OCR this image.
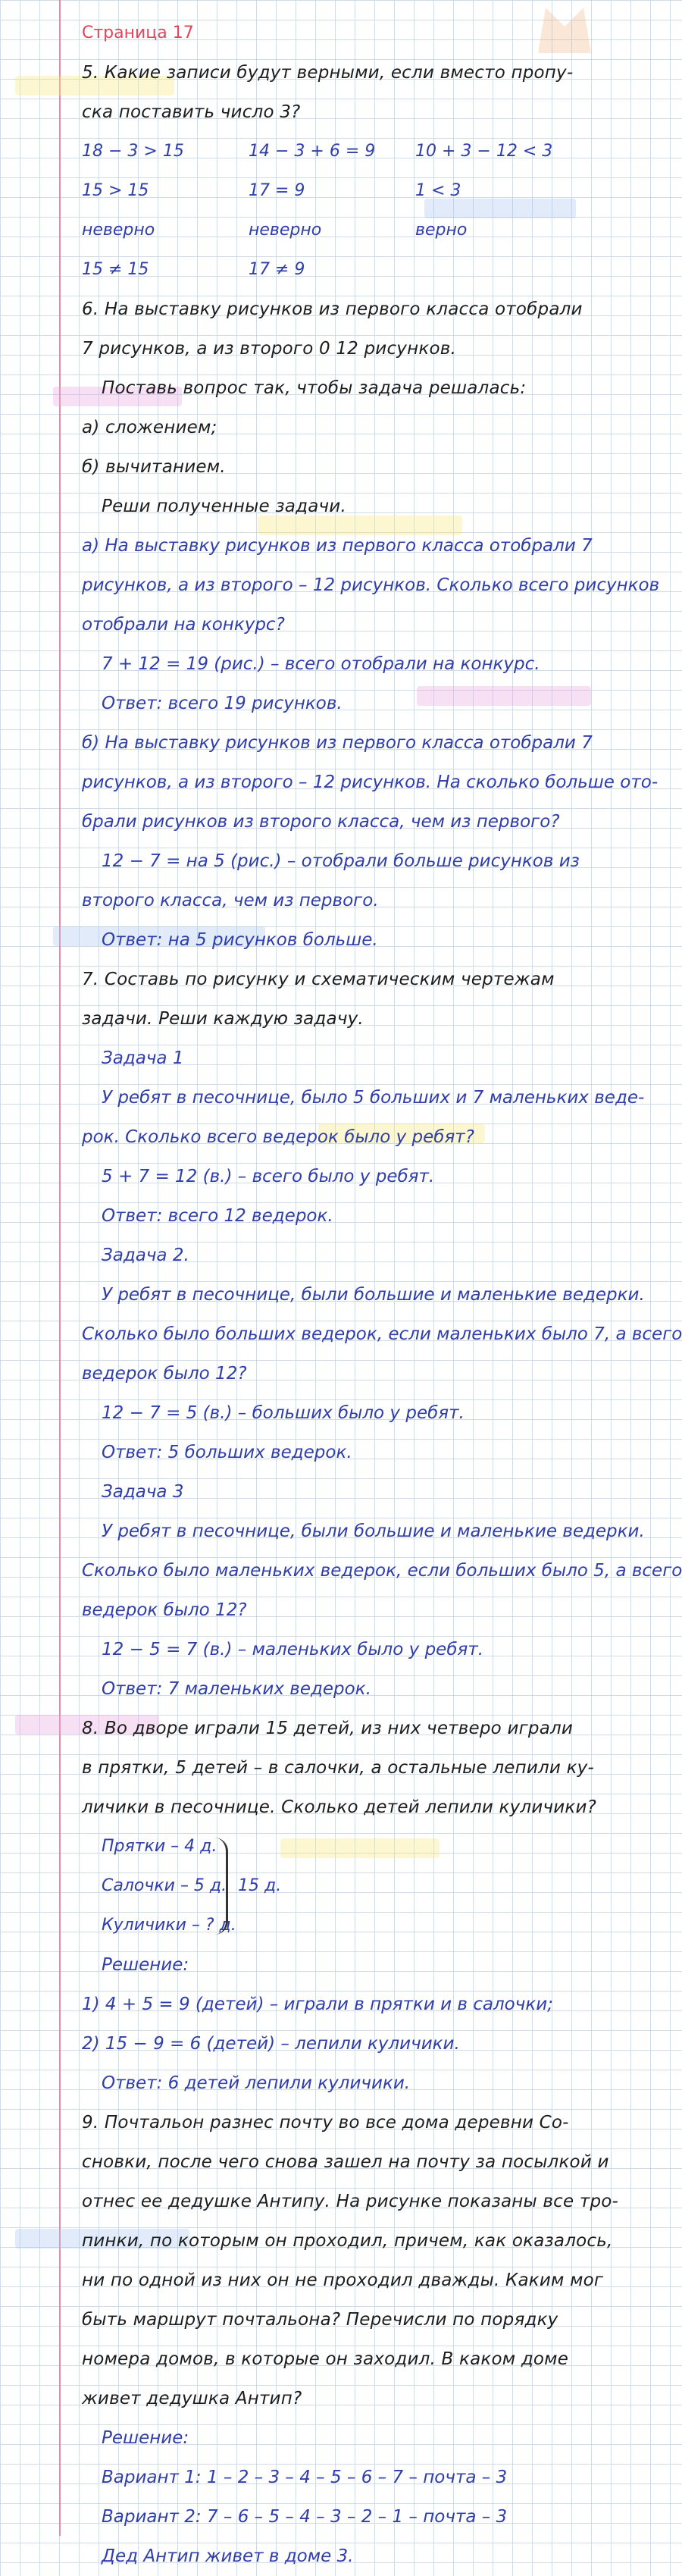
Страница 17
5. Какие записи будут верными, если вместо пропу-
ска поставить число 3?
18 − 3 > 15	14 − 3 + 6 = 9	10 + 3 − 12 < 3
15 > 15	17 = 9	1 < 3
неверно	неверно	верно
15 ≠ 15	17 ≠ 9
6. На выставку рисунков из первого класса отобрали
7 рисунков, а из второго 0 12 рисунков.
Поставь вопрос так, чтобы задача решалась:
а) сложением;
б) вычитанием.
Реши полученные задачи.
а) На выставку рисунков из первого класса отобрали 7
рисунков, а из второго – 12 рисунков. Сколько всего рисунков
отобрали на конкурс?
7 + 12 = 19 (рис.) – всего отобрали на конкурс.
Ответ: всего 19 рисунков.
б) На выставку рисунков из первого класса отобрали 7
рисунков, а из второго – 12 рисунков. На сколько больше ото-
брали рисунков из второго класса, чем из первого?
12 − 7 = на 5 (рис.) – отобрали больше рисунков из
второго класса, чем из первого.
Ответ: на 5 рисунков больше.
7. Составь по рисунку и схематическим чертежам
задачи. Реши каждую задачу.
Задача 1
У ребят в песочнице, было 5 больших и 7 маленьких веде-
рок. Сколько всего ведерок было у ребят?
5 + 7 = 12 (в.) – всего было у ребят.
Ответ: всего 12 ведерок.
Задача 2.
У ребят в песочнице, были большие и маленькие ведерки.
Сколько было больших ведерок, если маленьких было 7, а всего
ведерок было 12?
12 − 7 = 5 (в.) – больших было у ребят.
Ответ: 5 больших ведерок.
Задача 3
У ребят в песочнице, были большие и маленькие ведерки.
Сколько было маленьких ведерок, если больших было 5, а всего
ведерок было 12?
12 − 5 = 7 (в.) – маленьких было у ребят.
Ответ: 7 маленьких ведерок.
8. Во дворе играли 15 детей, из них четверо играли
в прятки, 5 детей – в салочки, а остальные лепили ку-
личики в песочнице. Сколько детей лепили куличики?
Прятки – 4 д.
Салочки – 5 д.
Куличики – ? д.
15 д.
Решение:
1) 4 + 5 = 9 (детей) – играли в прятки и в салочки;
2) 15 − 9 = 6 (детей) – лепили куличики.
Ответ: 6 детей лепили куличики.
9. Почтальон разнес почту во все дома деревни Со-
сновки, после чего снова зашел на почту за посылкой и
отнес ее дедушке Антипу. На рисунке показаны все тро-
пинки, по которым он проходил, причем, как оказалось,
ни по одной из них он не проходил дважды. Каким мог
быть маршрут почтальона? Перечисли по порядку
номера домов, в которые он заходил. В каком доме
живет дедушка Антип?
Решение:
Вариант 1: 1 – 2 – 3 – 4 – 5 – 6 – 7 – почта – 3
Вариант 2: 7 – 6 – 5 – 4 – 3 – 2 – 1 – почта – 3
Дед Антип живет в доме 3.
